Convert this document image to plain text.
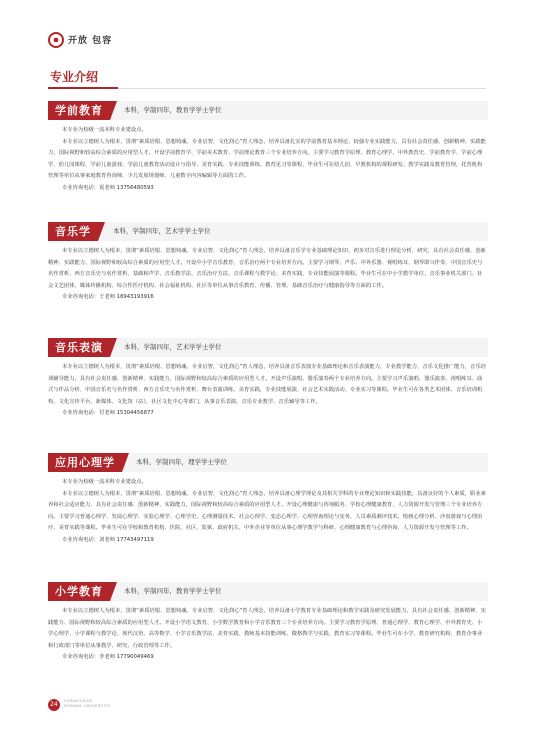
开放 包容
专业介绍
学前教育	本科，学制四年，教育学学士学位

本专业为校级一流本科专业建设点。

本专业以立德树人为根本，贯彻“素质培根、思想铸魂、专业启智，文化润心”育人理念，培养具备扎实的学前教育基本理论、较强专业实践能力，具有社会责任感、创新精神、实践能力，国际视野和较高综合素质的应用型人才。开设学前教育学、学前美术教育、学前理论教育三个专业培养方向。主要学习教育学原理、教育心理学、中外教育史、学前教育学、学前心理学、幼儿园课程，学前儿童游戏、学前儿童教育活动设计与指导、美育实践、专业技能训练、教育见习等课程，毕业生可在幼儿园、早教机构的课程研发、教学实践及教育管理，托育机构管理等单位从事家庭教育咨询师、少儿发展规划师、儿童数字内容编辑等方面的工作。

专业咨询电话：夏老师 13756480593

音乐学	本科，学制四年，艺术学学士学位

本专业以立德树人为根本，贯彻“素质培根、思想铸魂、专业启智，文化润心”育人理念，培养具备音乐学专业基础理论知识，初步对音乐进行理论分析、研究，具有社会责任感、创新精神、实践能力、国际视野和较高综合素质的应用型人才。开设中小学音乐教育，音乐治疗两个专业培养方向。主要学习钢琴、声乐、中外乐器、视唱练耳、钢琴即兴伴奏、中国音乐史与名作赏析、西方音乐史与名作赏析、基础和声学、音乐教学法、音乐治疗方法、音乐课程与教学论、美育实践、专业技能展演等课程。毕业生可在中小学教学单位、音乐事业机关部门、社会文艺团体、媒体传播机构、综合性医疗机构、社会福祉机构、社区等单位从事音乐教育、传播、管理、基础音乐治疗与健康指导等方面的工作。

专业咨询电话：王老师 18943193916

音乐表演	本科，学制四年，艺术学学士学位

本专业以立德树人为根本，贯彻“素质培根、思想铸魂、专业启智，文化润心”育人理念，培养具备音乐表演专业基础理论和音乐表演能力，专业教学能力，音乐文化推广能力，音乐培训辅导能力，具有社会责任感、创新精神、实践能力，国际视野和较高综合素质的应用型人才。开设声乐演唱、器乐演奏两个专业培养方向。主要学习声乐演唱、器乐演奏、视唱练耳、曲式与作品分析、中国音乐史与名作赏析、西方音乐史与名作赏析、舞台表演训练、美育实践，专业技能展演、社会艺术实践活动、专业实习等课程。毕业生可在各类艺术团体、音乐培训机构、文化宣传平台、新媒体、文化馆（站），社区文化中心等部门，从事音乐表演、音乐专业教学、音乐辅导等工作。

专业咨询电话：付老师 15304456877

应用心理学	本科，学制四年，理学学士学位

本专业为校级一流本科专业建设点。

本专业以立德树人为根本，贯彻“素质培根、思想铸魂、专业启智，文化润心”育人理念，培养具备心理学理论及其相关学科的专业理论知识和实践技能，具备良好的个人素质，职业素养和社会适应能力，具有社会责任感、创新精神、实践能力，国际视野和较高综合素质的应用型人才。开设心理健康与咨询服务、学校心理健康教育、人力资源开发与管理三个专业培养方向。主要学习普通心理学、发展心理学、实验心理学、心理学史、心理测量技术、社会心理学、变态心理学、心理咨询理论与实务、人员素质测评技术，绘画心理分析、沙盘游戏与心理治疗、美育实践等课程。毕业生可在学校和教育机构、医院、社区、监狱、政府机关、中外企业等单位从事心理学教学与科研、心理健康教育与心理咨询、人力资源开发与管理等工作。

专业咨询电话：刘老师 17743497119

小学教育	本科，学制四年，教育学学士学位

本专业以立德树人为根本，贯彻“素质培根、思想铸魂、专业启智，文化润心”育人理念，培养具备小学教育专业基础理论和教学实践及研究发展能力，具有社会责任感、创新精神、实践能力、国际视野和较高综合素质的应用型人才。开设小学语文教育、小学数学教育和小学音乐教育三个专业培养方向。主要学习教育学原理、普通心理学、教育心理学、中外教育史、小学心理学、小学课程与教学论、现代汉语、高等数学、小学音乐教学法、美育实践、教师基本技能训练、微格教学与实践、教育实习等课程。毕业生可在小学、教育研究机构、教育企事业和行政部门等单位从事教学、研究、行政管理等工作。

专业咨询电话：李老师 17790049469

24	CHANGCHUN
NORMAL UNIVERSITY
